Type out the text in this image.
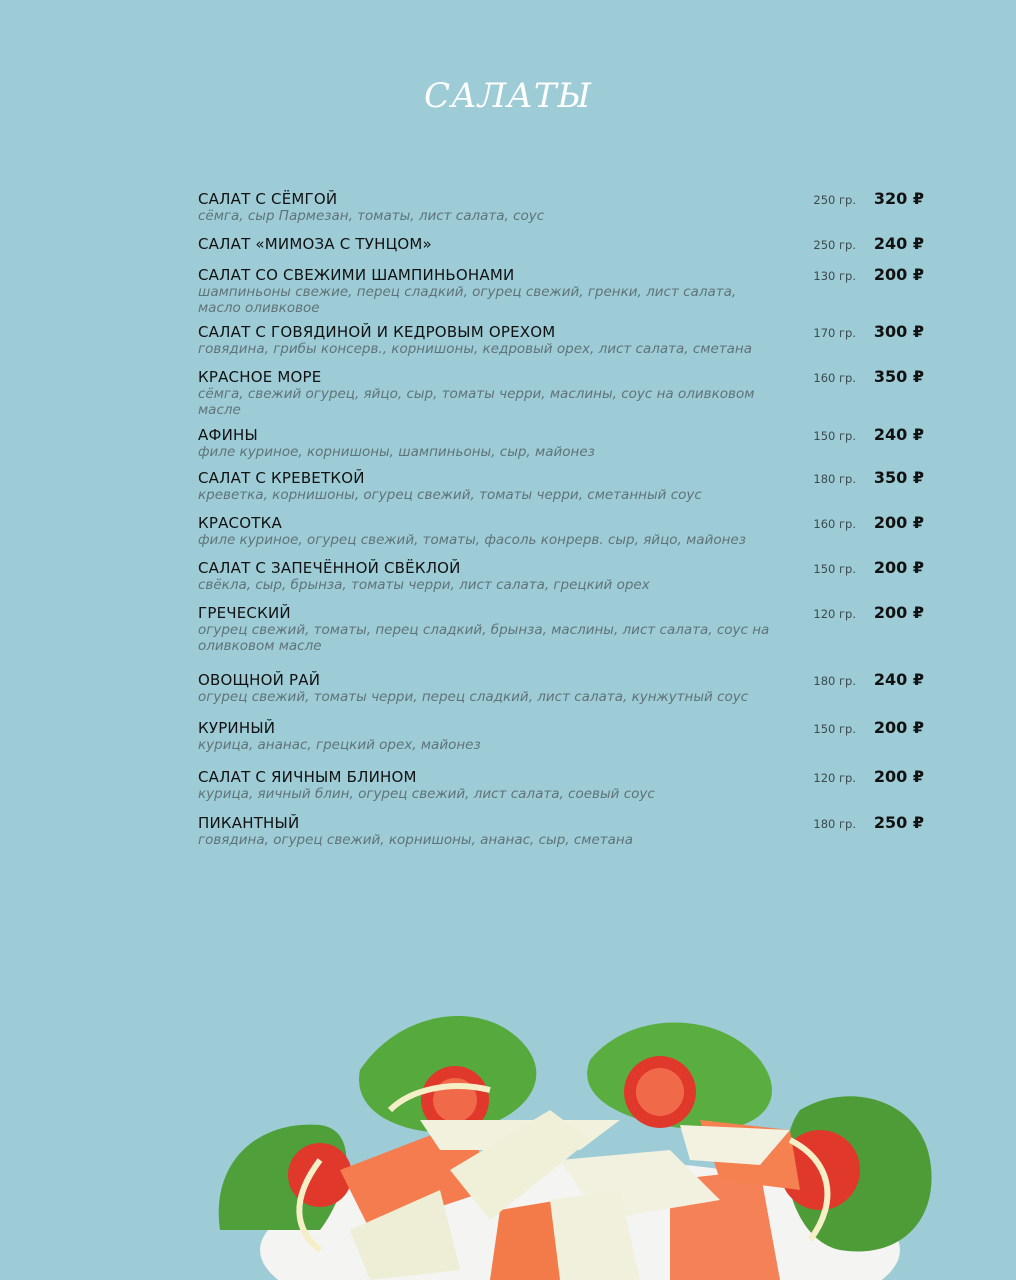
САЛАТЫ
САЛАТ С СЁМГОЙ
сёмга, сыр Пармезан, томаты, лист салата, соус
250 гр. 320 ₽
САЛАТ «МИМОЗА С ТУНЦОМ»	250 гр. 240 ₽
САЛАТ СО СВЕЖИМИ ШАМПИНЬОНАМИ
шампиньоны свежие, перец сладкий, огурец свежий, гренки, лист салата, масло оливковое
130 гр. 200 ₽
САЛАТ С ГОВЯДИНОЙ И КЕДРОВЫМ ОРЕХОМ
говядина, грибы консерв., корнишоны, кедровый орех, лист салата, сметана
170 гр. 300 ₽
КРАСНОЕ МОРЕ
сёмга, свежий огурец, яйцо, сыр, томаты черри, маслины, соус на оливковом масле
160 гр. 350 ₽
АФИНЫ
филе куриное, корнишоны, шампиньоны, сыр, майонез
150 гр. 240 ₽
САЛАТ С КРЕВЕТКОЙ
креветка, корнишоны, огурец свежий, томаты черри, сметанный соус
180 гр. 350 ₽
КРАСОТКА
филе куриное, огурец свежий, томаты, фасоль конрерв. сыр, яйцо, майонез
160 гр. 200 ₽
САЛАТ С ЗАПЕЧЁННОЙ СВЁКЛОЙ
свёкла, сыр, брынза, томаты черри, лист салата, грецкий орех
150 гр. 200 ₽
ГРЕЧЕСКИЙ
огурец свежий, томаты, перец сладкий, брынза, маслины, лист салата, соус на оливковом масле
120 гр. 200 ₽
ОВОЩНОЙ РАЙ
огурец свежий, томаты черри, перец сладкий, лист салата, кунжутный соус
180 гр. 240 ₽
КУРИНЫЙ
курица, ананас, грецкий орех, майонез
150 гр. 200 ₽
САЛАТ С ЯИЧНЫМ БЛИНОМ
курица, яичный блин, огурец свежий, лист салата, соевый соус
120 гр. 200 ₽
ПИКАНТНЫЙ
говядина, огурец свежий, корнишоны, ананас, сыр, сметана
180 гр. 250 ₽
